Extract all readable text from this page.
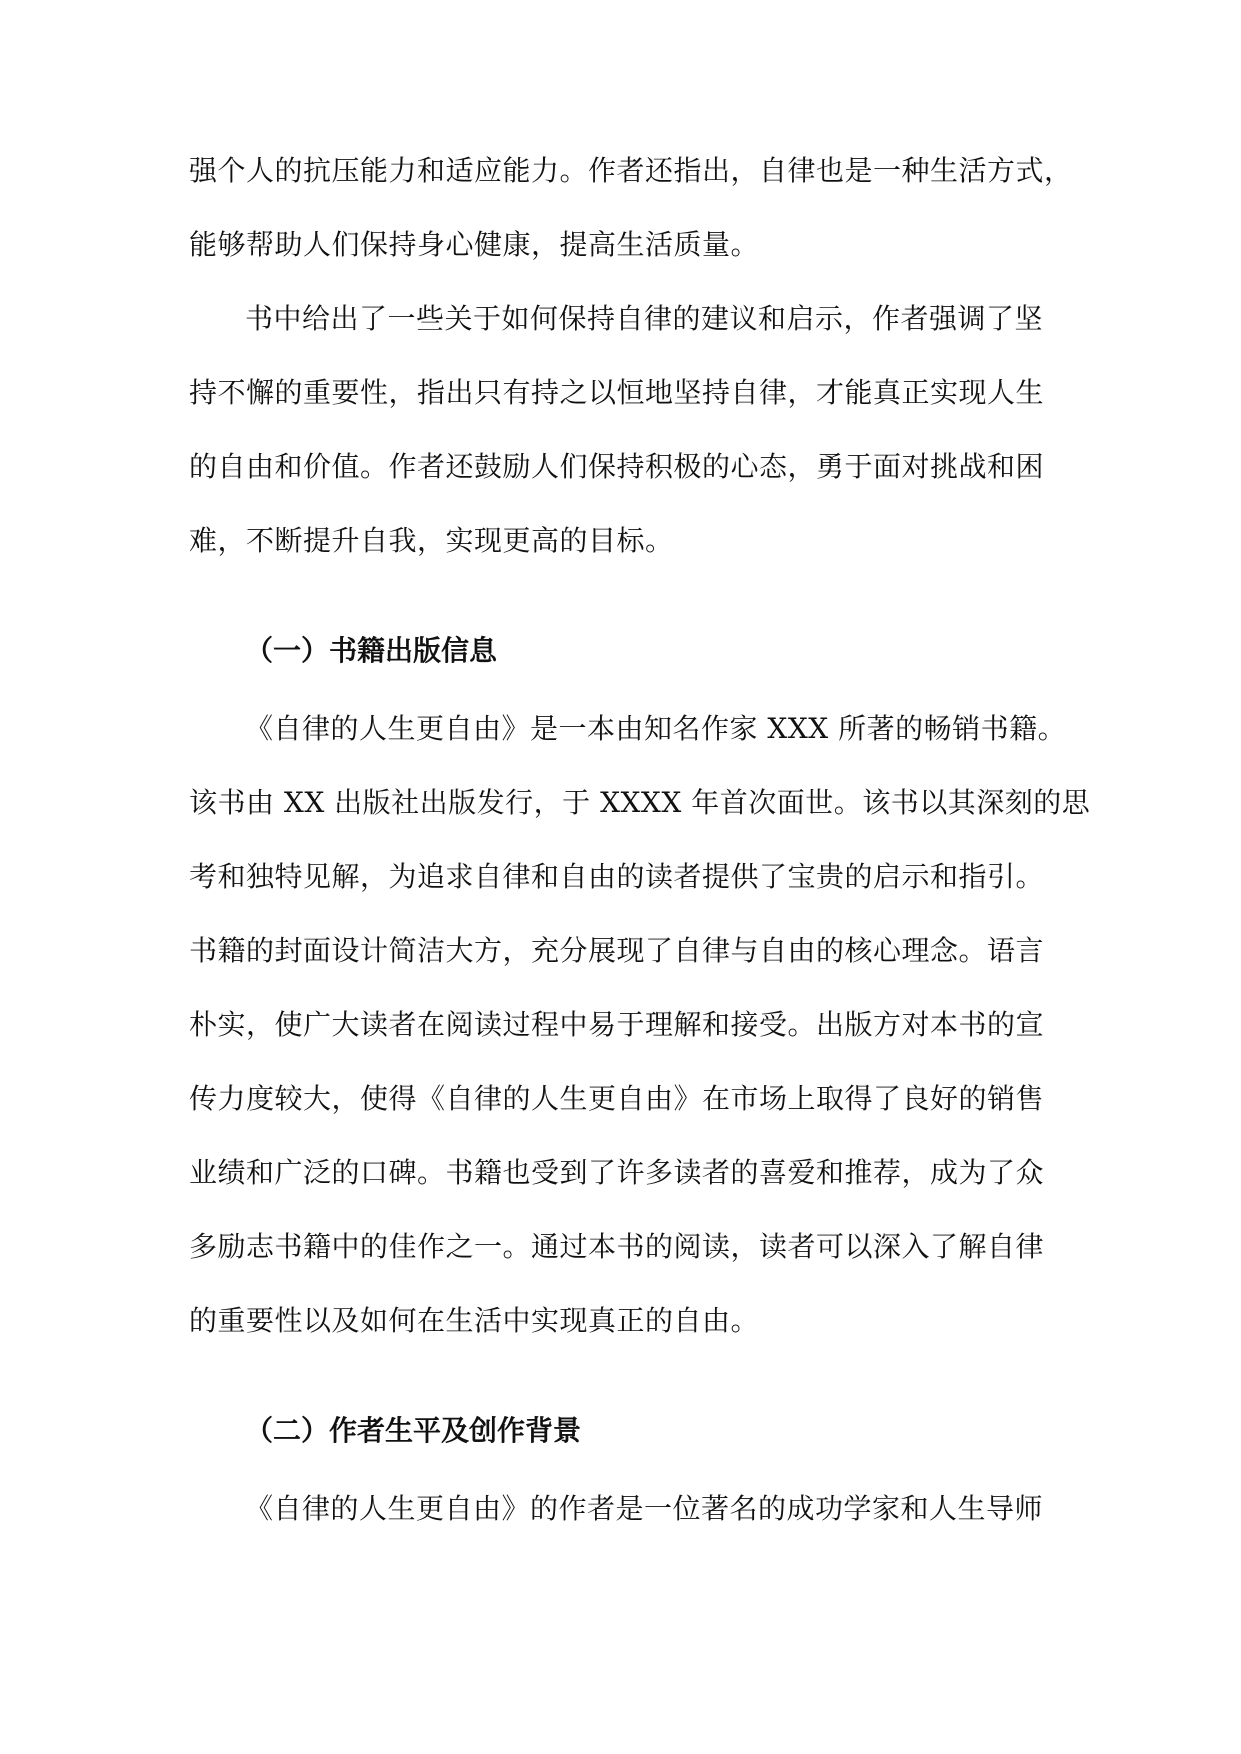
强个人的抗压能力和适应能力。作者还指出，自律也是一种生活方式，
能够帮助人们保持身心健康，提高生活质量。
书中给出了一些关于如何保持自律的建议和启示，作者强调了坚
持不懈的重要性，指出只有持之以恒地坚持自律，才能真正实现人生
的自由和价值。作者还鼓励人们保持积极的心态，勇于面对挑战和困
难，不断提升自我，实现更高的目标。
（一）书籍出版信息
《自律的人生更自由》是一本由知名作家 XXX 所著的畅销书籍。
该书由 XX 出版社出版发行，于 XXXX 年首次面世。该书以其深刻的思
考和独特见解，为追求自律和自由的读者提供了宝贵的启示和指引。
书籍的封面设计简洁大方，充分展现了自律与自由的核心理念。语言
朴实，使广大读者在阅读过程中易于理解和接受。出版方对本书的宣
传力度较大，使得《自律的人生更自由》在市场上取得了良好的销售
业绩和广泛的口碑。书籍也受到了许多读者的喜爱和推荐，成为了众
多励志书籍中的佳作之一。通过本书的阅读，读者可以深入了解自律
的重要性以及如何在生活中实现真正的自由。
（二）作者生平及创作背景
《自律的人生更自由》的作者是一位著名的成功学家和人生导师
